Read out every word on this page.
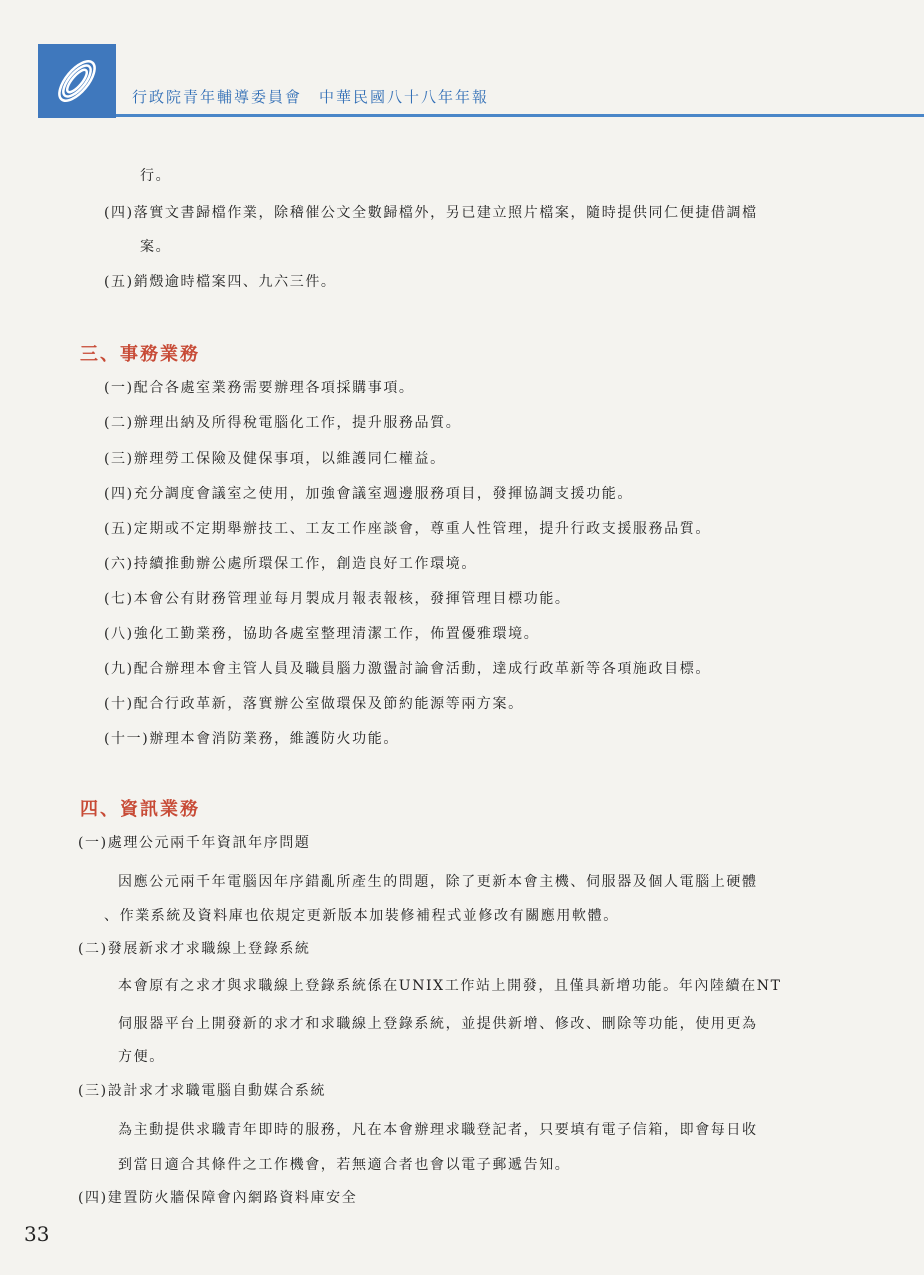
行政院青年輔導委員會　中華民國八十八年年報
行。
(四)落實文書歸檔作業，除稽催公文全數歸檔外，另已建立照片檔案，隨時提供同仁便捷借調檔
案。
(五)銷燬逾時檔案四、九六三件。
三、事務業務
(一)配合各處室業務需要辦理各項採購事項。
(二)辦理出納及所得稅電腦化工作，提升服務品質。
(三)辦理勞工保險及健保事項，以維護同仁權益。
(四)充分調度會議室之使用，加強會議室週邊服務項目，發揮協調支援功能。
(五)定期或不定期舉辦技工、工友工作座談會，尊重人性管理，提升行政支援服務品質。
(六)持續推動辦公處所環保工作，創造良好工作環境。
(七)本會公有財務管理並每月製成月報表報核，發揮管理目標功能。
(八)強化工勤業務，協助各處室整理清潔工作，佈置優雅環境。
(九)配合辦理本會主管人員及職員腦力激盪討論會活動，達成行政革新等各項施政目標。
(十)配合行政革新，落實辦公室做環保及節約能源等兩方案。
(十一)辦理本會消防業務，維護防火功能。
四、資訊業務
(一)處理公元兩千年資訊年序問題
因應公元兩千年電腦因年序錯亂所產生的問題，除了更新本會主機、伺服器及個人電腦上硬體
、作業系統及資料庫也依規定更新版本加裝修補程式並修改有關應用軟體。
(二)發展新求才求職線上登錄系統
本會原有之求才與求職線上登錄系統係在UNIX工作站上開發，且僅具新增功能。年內陸續在NT
伺服器平台上開發新的求才和求職線上登錄系統，並提供新增、修改、刪除等功能，使用更為
方便。
(三)設計求才求職電腦自動媒合系統
為主動提供求職青年即時的服務，凡在本會辦理求職登記者，只要填有電子信箱，即會每日收
到當日適合其條件之工作機會，若無適合者也會以電子郵遞告知。
(四)建置防火牆保障會內網路資料庫安全
33
